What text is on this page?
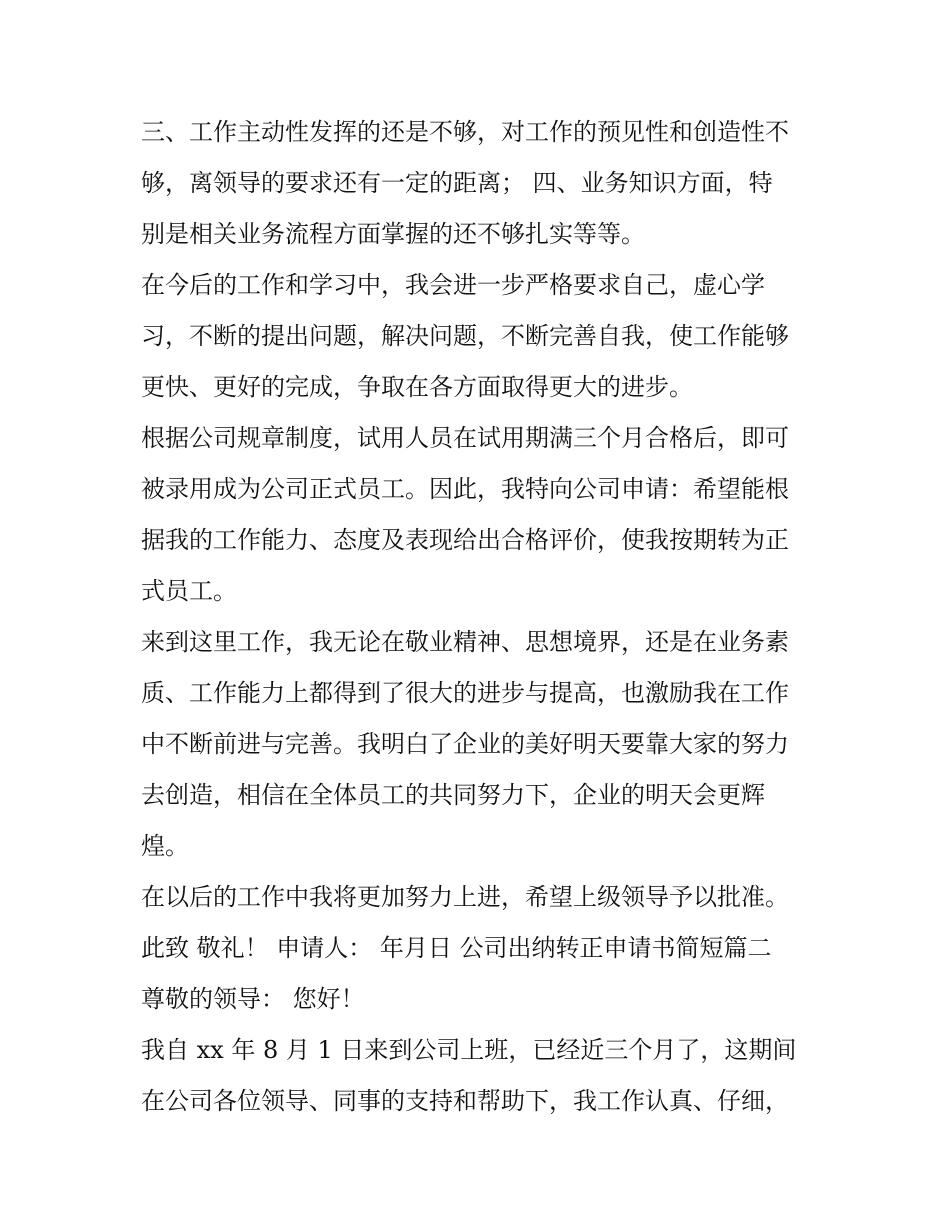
三、工作主动性发挥的还是不够，对工作的预见性和创造性不
够，离领导的要求还有一定的距离； 四、业务知识方面，特
别是相关业务流程方面掌握的还不够扎实等等。
在今后的工作和学习中，我会进一步严格要求自己，虚心学
习，不断的提出问题，解决问题，不断完善自我，使工作能够
更快、更好的完成，争取在各方面取得更大的进步。
根据公司规章制度，试用人员在试用期满三个月合格后，即可
被录用成为公司正式员工。因此，我特向公司申请：希望能根
据我的工作能力、态度及表现给出合格评价，使我按期转为正
式员工。
来到这里工作，我无论在敬业精神、思想境界，还是在业务素
质、工作能力上都得到了很大的进步与提高，也激励我在工作
中不断前进与完善。我明白了企业的美好明天要靠大家的努力
去创造，相信在全体员工的共同努力下，企业的明天会更辉
煌。
在以后的工作中我将更加努力上进，希望上级领导予以批准。
此致 敬礼！ 申请人： 年月日 公司出纳转正申请书简短篇二
尊敬的领导： 您好！
我自 xx 年 8 月 1 日来到公司上班，已经近三个月了，这期间
在公司各位领导、同事的支持和帮助下，我工作认真、仔细，
